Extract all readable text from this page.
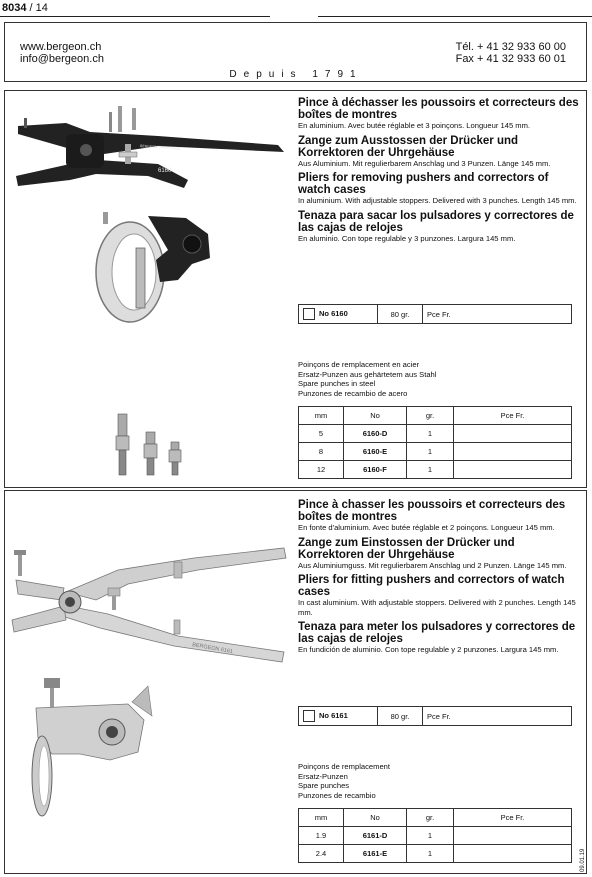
8034 / 14
www.bergeon.ch
info@bergeon.ch
Tél. + 41 32 933 60 00
Fax + 41 32 933 60 01
Depuis 1791
BERGEON SWISS MADE
6160
Pince à déchasser les poussoirs et correcteurs des boîtes de montres
En aluminium. Avec butée réglable et 3 poinçons. Longueur 145 mm.
Zange zum Ausstossen der Drücker und Korrektoren der Uhrgehäuse
Aus Aluminium. Mit regulierbarem Anschlag und 3 Punzen. Länge 145 mm.
Pliers for removing pushers and correctors of watch cases
In aluminium. With adjustable stoppers. Delivered with 3 punches. Length 145 mm.
Tenaza para sacar los pulsadores y correctores de las cajas de relojes
En aluminio. Con tope regulable y 3 punzones. Largura 145 mm.
No 6160	80 gr.	Pce Fr.
Poinçons de remplacement en acier
Ersatz-Punzen aus gehärtetem aus Stahl
Spare punches in steel
Punzones de recambio de acero
mm	No	gr.	Pce Fr.
5	6160-D	1	
8	6160-E	1	
12	6160-F	1	
BERGEON 6161
Pince à chasser les poussoirs et correcteurs des boîtes de montres
En fonte d'aluminium. Avec butée réglable et 2 poinçons. Longueur 145 mm.
Zange zum Einstossen der Drücker und Korrektoren der Uhrgehäuse
Aus Aluminiumguss. Mit regulierbarem Anschlag und 2 Punzen. Länge 145 mm.
Pliers for fitting pushers and correctors of watch cases
In cast aluminium. With adjustable stoppers. Delivered with 2 punches. Length 145 mm.
Tenaza para meter los pulsadores y correctores de las cajas de relojes
En fundición de aluminio. Con tope regulable y 2 punzones. Largura 145 mm.
No 6161	80 gr.	Pce Fr.
Poinçons de remplacement
Ersatz-Punzen
Spare punches
Punzones de recambio
mm	No	gr.	Pce Fr.
1.9	6161-D	1	
2.4	6161-E	1		09.01.19
